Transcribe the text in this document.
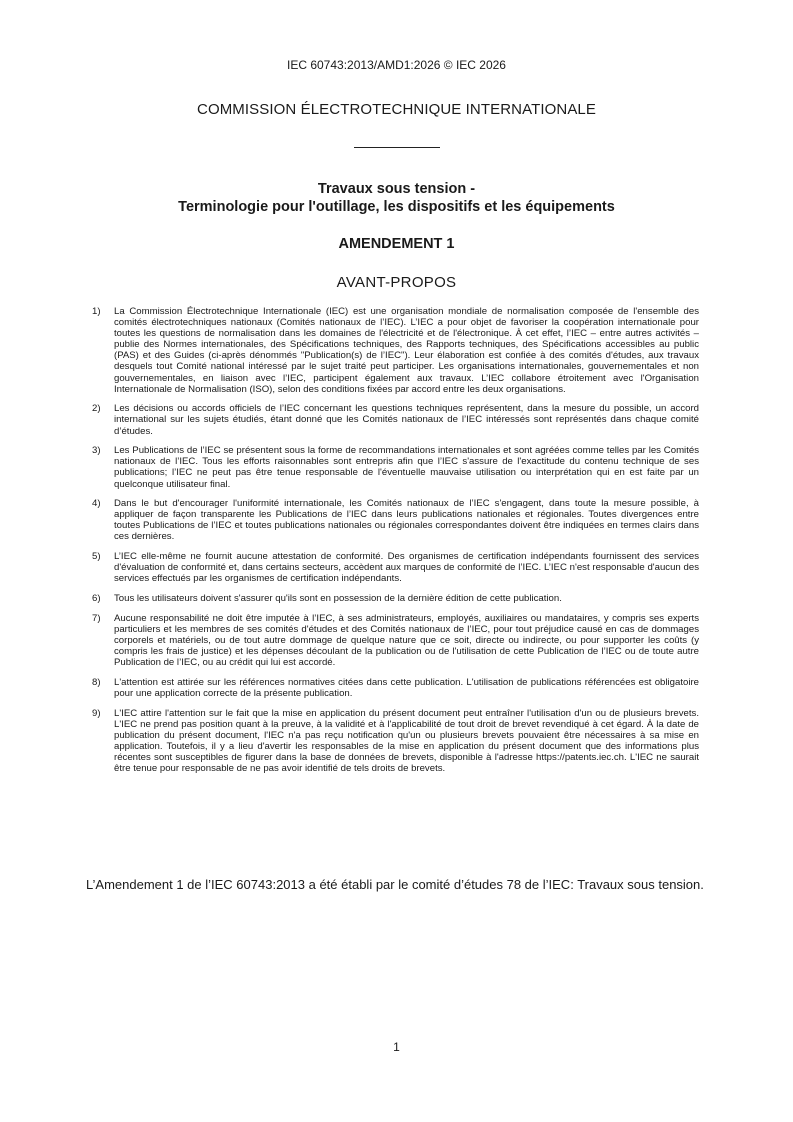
IEC 60743:2013/AMD1:2026 © IEC 2026
COMMISSION ÉLECTROTECHNIQUE INTERNATIONALE
Travaux sous tension -
Terminologie pour l'outillage, les dispositifs et les équipements
AMENDEMENT 1
AVANT-PROPOS
1)	La Commission Électrotechnique Internationale (IEC) est une organisation mondiale de normalisation composée de l'ensemble des comités électrotechniques nationaux (Comités nationaux de l’IEC). L’IEC a pour objet de favoriser la coopération internationale pour toutes les questions de normalisation dans les domaines de l'électricité et de l'électronique. À cet effet, l’IEC – entre autres activités – publie des Normes internationales, des Spécifications techniques, des Rapports techniques, des Spécifications accessibles au public (PAS) et des Guides (ci-après dénommés "Publication(s) de l’IEC"). Leur élaboration est confiée à des comités d'études, aux travaux desquels tout Comité national intéressé par le sujet traité peut participer. Les organisations internationales, gouvernementales et non gouvernementales, en liaison avec l’IEC, participent également aux travaux. L’IEC collabore étroitement avec l'Organisation Internationale de Normalisation (ISO), selon des conditions fixées par accord entre les deux organisations.
2)	Les décisions ou accords officiels de l’IEC concernant les questions techniques représentent, dans la mesure du possible, un accord international sur les sujets étudiés, étant donné que les Comités nationaux de l’IEC intéressés sont représentés dans chaque comité d’études.
3)	Les Publications de l’IEC se présentent sous la forme de recommandations internationales et sont agréées comme telles par les Comités nationaux de l’IEC. Tous les efforts raisonnables sont entrepris afin que l’IEC s'assure de l'exactitude du contenu technique de ses publications; l’IEC ne peut pas être tenue responsable de l'éventuelle mauvaise utilisation ou interprétation qui en est faite par un quelconque utilisateur final.
4)	Dans le but d'encourager l'uniformité internationale, les Comités nationaux de l’IEC s'engagent, dans toute la mesure possible, à appliquer de façon transparente les Publications de l’IEC dans leurs publications nationales et régionales. Toutes divergences entre toutes Publications de l’IEC et toutes publications nationales ou régionales correspondantes doivent être indiquées en termes clairs dans ces dernières.
5)	L’IEC elle-même ne fournit aucune attestation de conformité. Des organismes de certification indépendants fournissent des services d'évaluation de conformité et, dans certains secteurs, accèdent aux marques de conformité de l’IEC. L’IEC n'est responsable d'aucun des services effectués par les organismes de certification indépendants.
6)	Tous les utilisateurs doivent s'assurer qu'ils sont en possession de la dernière édition de cette publication.
7)	Aucune responsabilité ne doit être imputée à l’IEC, à ses administrateurs, employés, auxiliaires ou mandataires, y compris ses experts particuliers et les membres de ses comités d'études et des Comités nationaux de l’IEC, pour tout préjudice causé en cas de dommages corporels et matériels, ou de tout autre dommage de quelque nature que ce soit, directe ou indirecte, ou pour supporter les coûts (y compris les frais de justice) et les dépenses découlant de la publication ou de l'utilisation de cette Publication de l’IEC ou de toute autre Publication de l’IEC, ou au crédit qui lui est accordé.
8)	L'attention est attirée sur les références normatives citées dans cette publication. L'utilisation de publications référencées est obligatoire pour une application correcte de la présente publication.
9)	L'IEC attire l'attention sur le fait que la mise en application du présent document peut entraîner l'utilisation d'un ou de plusieurs brevets. L'IEC ne prend pas position quant à la preuve, à la validité et à l'applicabilité de tout droit de brevet revendiqué à cet égard. À la date de publication du présent document, l'IEC n'a pas reçu notification qu'un ou plusieurs brevets pouvaient être nécessaires à sa mise en application. Toutefois, il y a lieu d'avertir les responsables de la mise en application du présent document que des informations plus récentes sont susceptibles de figurer dans la base de données de brevets, disponible à l'adresse https://patents.iec.ch. L'IEC ne saurait être tenue pour responsable de ne pas avoir identifié de tels droits de brevets.
L’Amendement 1 de l’IEC 60743:2013 a été établi par le comité d’études 78 de l’IEC: Travaux sous tension.
1
